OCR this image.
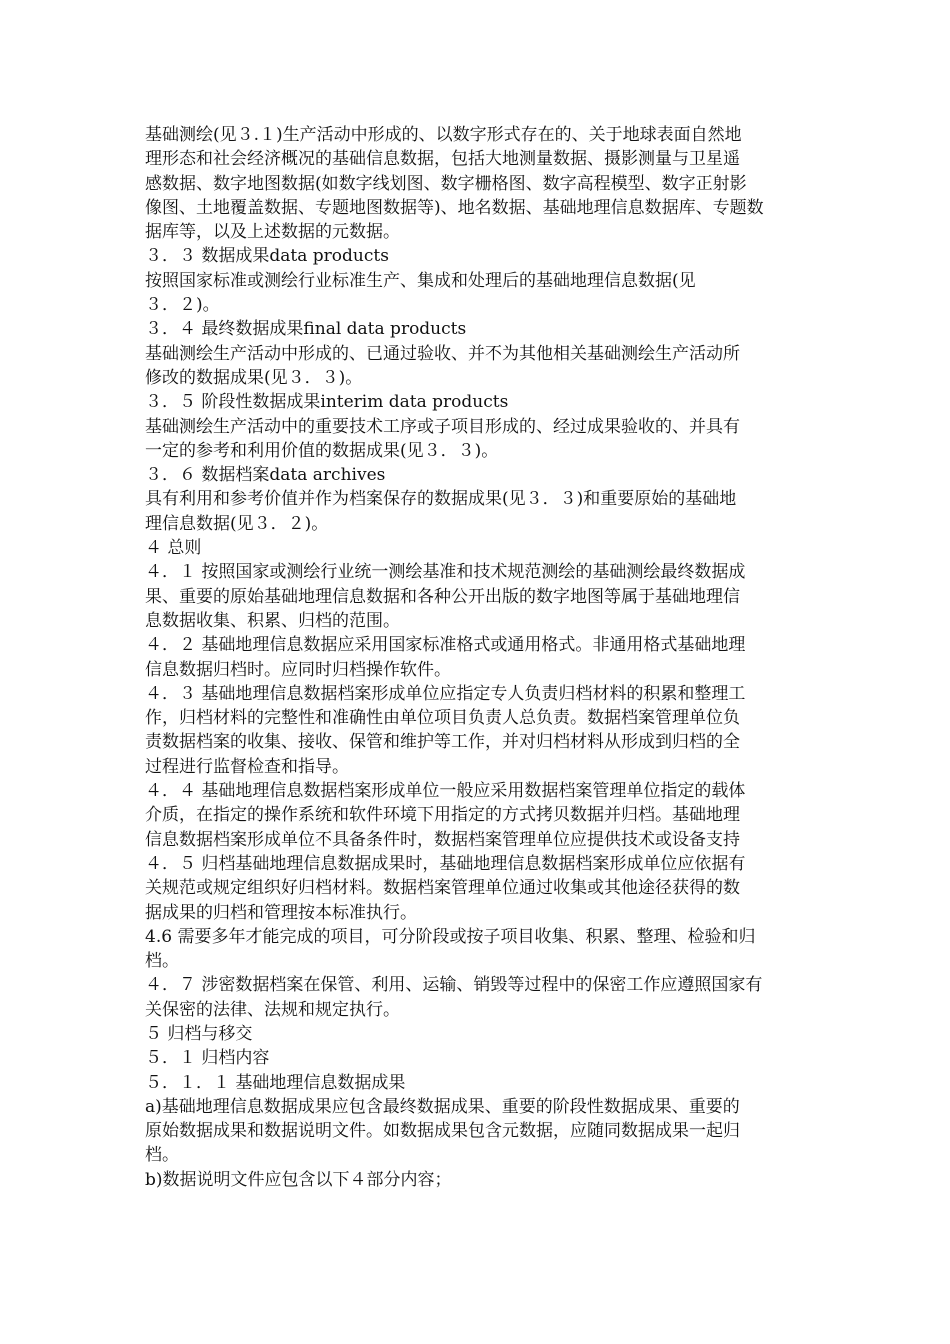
基础测绘(见３.１)生产活动中形成的、以数字形式存在的、关于地球表面自然地
理形态和社会经济概况的基础信息数据，包括大地测量数据、摄影测量与卫星遥
感数据、数字地图数据(如数字线划图、数字栅格图、数字高程模型、数字正射影
像图、土地覆盖数据、专题地图数据等)、地名数据、基础地理信息数据库、专题数
据库等，以及上述数据的元数据。
３．３ 数据成果data products
按照国家标准或测绘行业标准生产、集成和处理后的基础地理信息数据(见
３．２)。
３．４ 最终数据成果final data products
基础测绘生产活动中形成的、已通过验收、并不为其他相关基础测绘生产活动所
修改的数据成果(见３．３)。
３．５ 阶段性数据成果interim data products
基础测绘生产活动中的重要技术工序或子项目形成的、经过成果验收的、并具有
一定的参考和利用价值的数据成果(见３．３)。
３．６ 数据档案data archives
具有利用和参考价值并作为档案保存的数据成果(见３．３)和重要原始的基础地
理信息数据(见３．２)。
４ 总则
４．１ 按照国家或测绘行业统一测绘基准和技术规范测绘的基础测绘最终数据成
果、重要的原始基础地理信息数据和各种公开出版的数字地图等属于基础地理信
息数据收集、积累、归档的范围。
４．２ 基础地理信息数据应采用国家标准格式或通用格式。非通用格式基础地理
信息数据归档时。应同时归档操作软件。
４．３ 基础地理信息数据档案形成单位应指定专人负责归档材料的积累和整理工
作，归档材料的完整性和准确性由单位项目负责人总负责。数据档案管理单位负
责数据档案的收集、接收、保管和维护等工作，并对归档材料从形成到归档的全
过程进行监督检查和指导。
４．４ 基础地理信息数据档案形成单位一般应采用数据档案管理单位指定的载体
介质，在指定的操作系统和软件环境下用指定的方式拷贝数据并归档。基础地理
信息数据档案形成单位不具备条件时，数据档案管理单位应提供技术或设备支持
４．５ 归档基础地理信息数据成果时，基础地理信息数据档案形成单位应依据有
关规范或规定组织好归档材料。数据档案管理单位通过收集或其他途径获得的数
据成果的归档和管理按本标准执行。
4.6 需要多年才能完成的项目，可分阶段或按子项目收集、积累、整理、检验和归
档。
４．７ 涉密数据档案在保管、利用、运输、销毁等过程中的保密工作应遵照国家有
关保密的法律、法规和规定执行。
５ 归档与移交
５．１ 归档内容
５．１．１ 基础地理信息数据成果
a)基础地理信息数据成果应包含最终数据成果、重要的阶段性数据成果、重要的
原始数据成果和数据说明文件。如数据成果包含元数据，应随同数据成果一起归
档。
b)数据说明文件应包含以下４部分内容；
